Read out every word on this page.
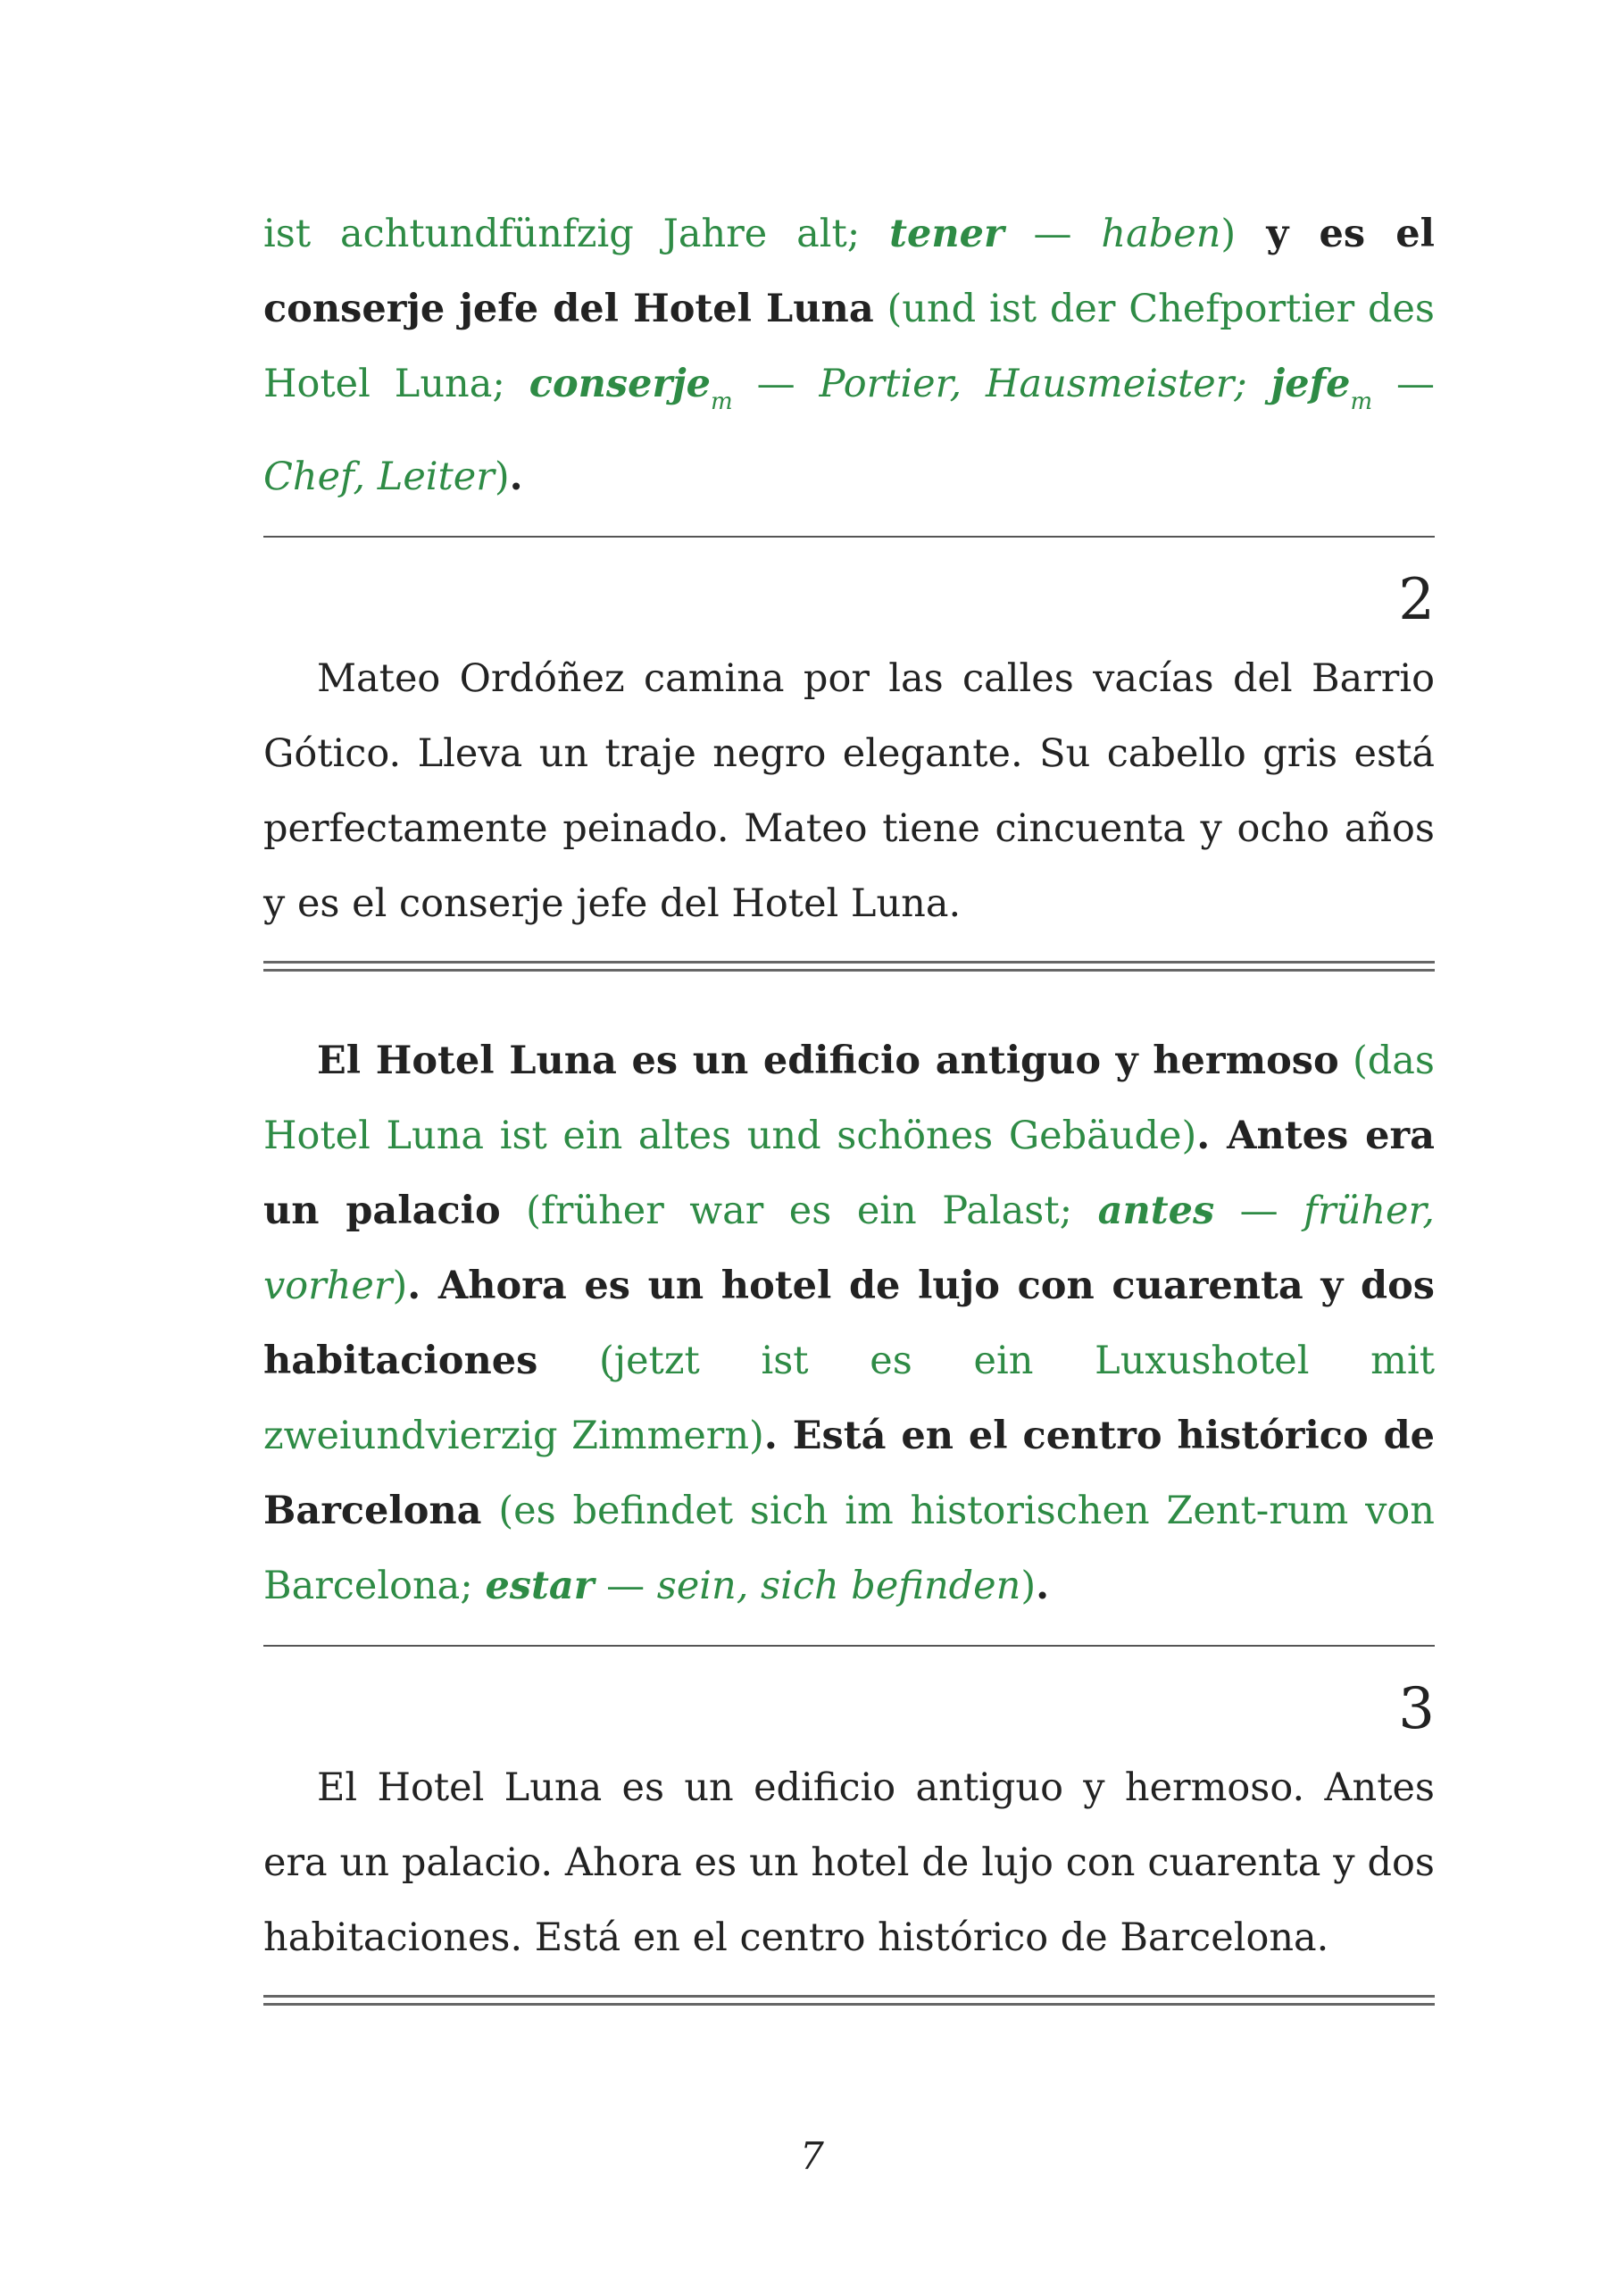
ist achtundfünfzig Jahre alt; tener — haben) y es el conserje jefe del Hotel Luna (und ist der Chefportier des Hotel Luna; conserje$_m$ — Portier, Hausmeister; jefe$_m$ — Chef, Leiter).

2

Mateo Ordóñez camina por las calles vacías del Barrio Gótico. Lleva un traje negro elegante. Su cabello gris está perfectamente peinado. Mateo tiene cincuenta y ocho años y es el conserje jefe del Hotel Luna.

El Hotel Luna es un edificio antiguo y hermoso (das Hotel Luna ist ein altes und schönes Gebäude). Antes era un palacio (früher war es ein Palast; antes — früher, vorher). Ahora es un hotel de lujo con cuarenta y dos habitaciones (jetzt ist es ein Luxushotel mit zweiundvierzig Zimmern). Está en el centro histórico de Barcelona (es befindet sich im historischen Zent-rum von Barcelona; estar — sein, sich befinden).

3

El Hotel Luna es un edificio antiguo y hermoso. Antes era un palacio. Ahora es un hotel de lujo con cuarenta y dos habitaciones. Está en el centro histórico de Barcelona.

7
